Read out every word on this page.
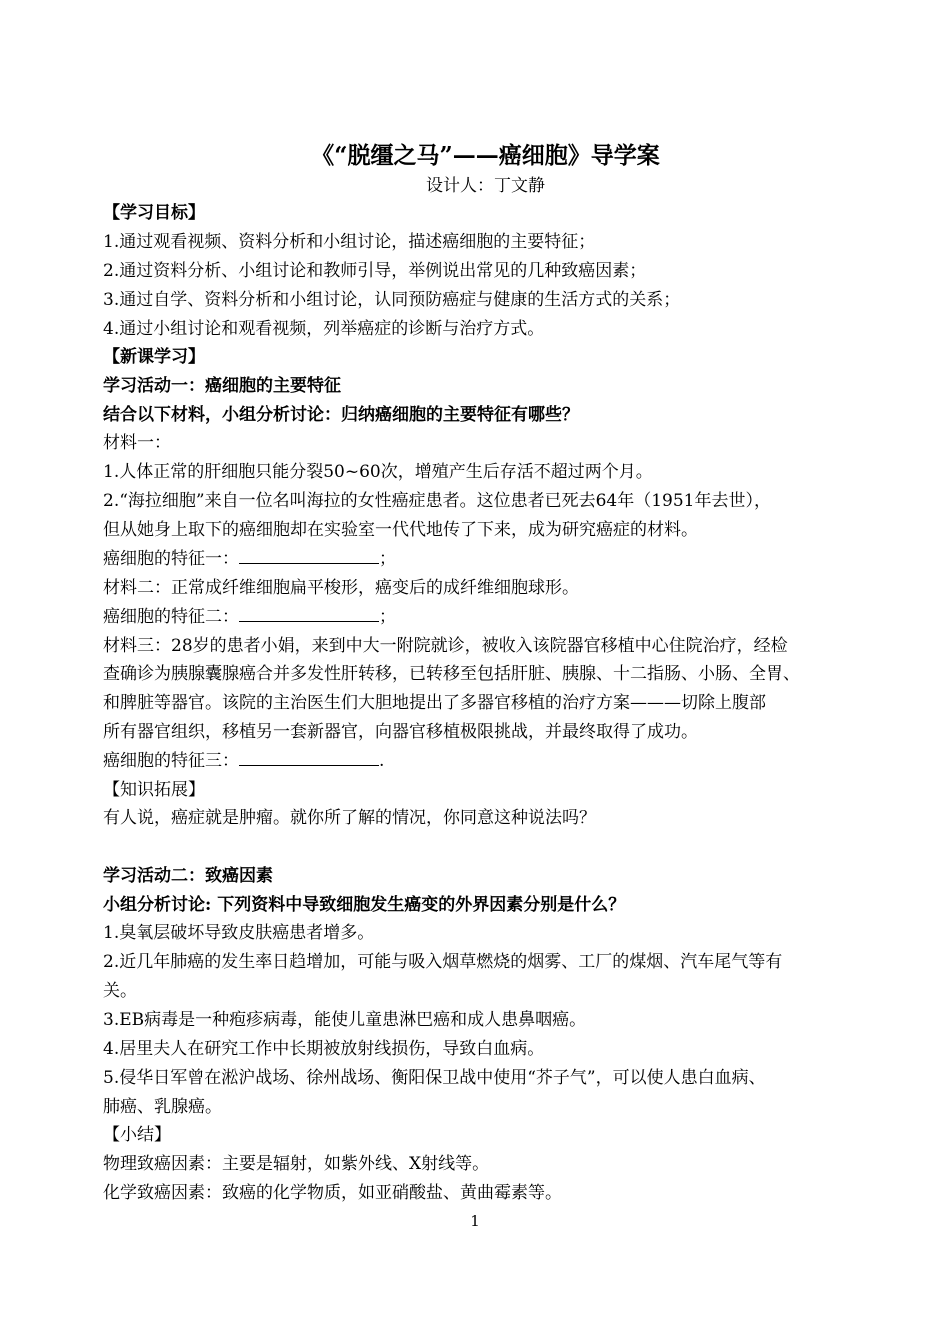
《“脱缰之马”——癌细胞》导学案
设计人：丁文静
【学习目标】
1.通过观看视频、资料分析和小组讨论，描述癌细胞的主要特征；
2.通过资料分析、小组讨论和教师引导，举例说出常见的几种致癌因素；
3.通过自学、资料分析和小组讨论，认同预防癌症与健康的生活方式的关系；
4.通过小组讨论和观看视频，列举癌症的诊断与治疗方式。
【新课学习】
学习活动一：癌细胞的主要特征
结合以下材料，小组分析讨论：归纳癌细胞的主要特征有哪些？
材料一：
1.人体正常的肝细胞只能分裂50~60次，增殖产生后存活不超过两个月。
2.“海拉细胞”来自一位名叫海拉的女性癌症患者。这位患者已死去64年（1951年去世），
但从她身上取下的癌细胞却在实验室一代代地传了下来，成为研究癌症的材料。
癌细胞的特征一：	；
材料二：正常成纤维细胞扁平梭形，癌变后的成纤维细胞球形。
癌细胞的特征二：	；
材料三：28岁的患者小娟，来到中大一附院就诊，被收入该院器官移植中心住院治疗，经检
查确诊为胰腺囊腺癌合并多发性肝转移，已转移至包括肝脏、胰腺、十二指肠、小肠、全胃、
和脾脏等器官。该院的主治医生们大胆地提出了多器官移植的治疗方案———切除上腹部
所有器官组织，移植另一套新器官，向器官移植极限挑战，并最终取得了成功。
癌细胞的特征三：	.
【知识拓展】
有人说，癌症就是肿瘤。就你所了解的情况，你同意这种说法吗？
学习活动二：致癌因素
小组分析讨论: 下列资料中导致细胞发生癌变的外界因素分别是什么？
1.臭氧层破坏导致皮肤癌患者增多。
2.近几年肺癌的发生率日趋增加，可能与吸入烟草燃烧的烟雾、工厂的煤烟、汽车尾气等有
关。
3.EB病毒是一种疱疹病毒，能使儿童患淋巴癌和成人患鼻咽癌。
4.居里夫人在研究工作中长期被放射线损伤，导致白血病。
5.侵华日军曾在淞沪战场、徐州战场、衡阳保卫战中使用“芥子气”，可以使人患白血病、
肺癌、乳腺癌。
【小结】
物理致癌因素：主要是辐射，如紫外线、X射线等。
化学致癌因素：致癌的化学物质，如亚硝酸盐、黄曲霉素等。
1
